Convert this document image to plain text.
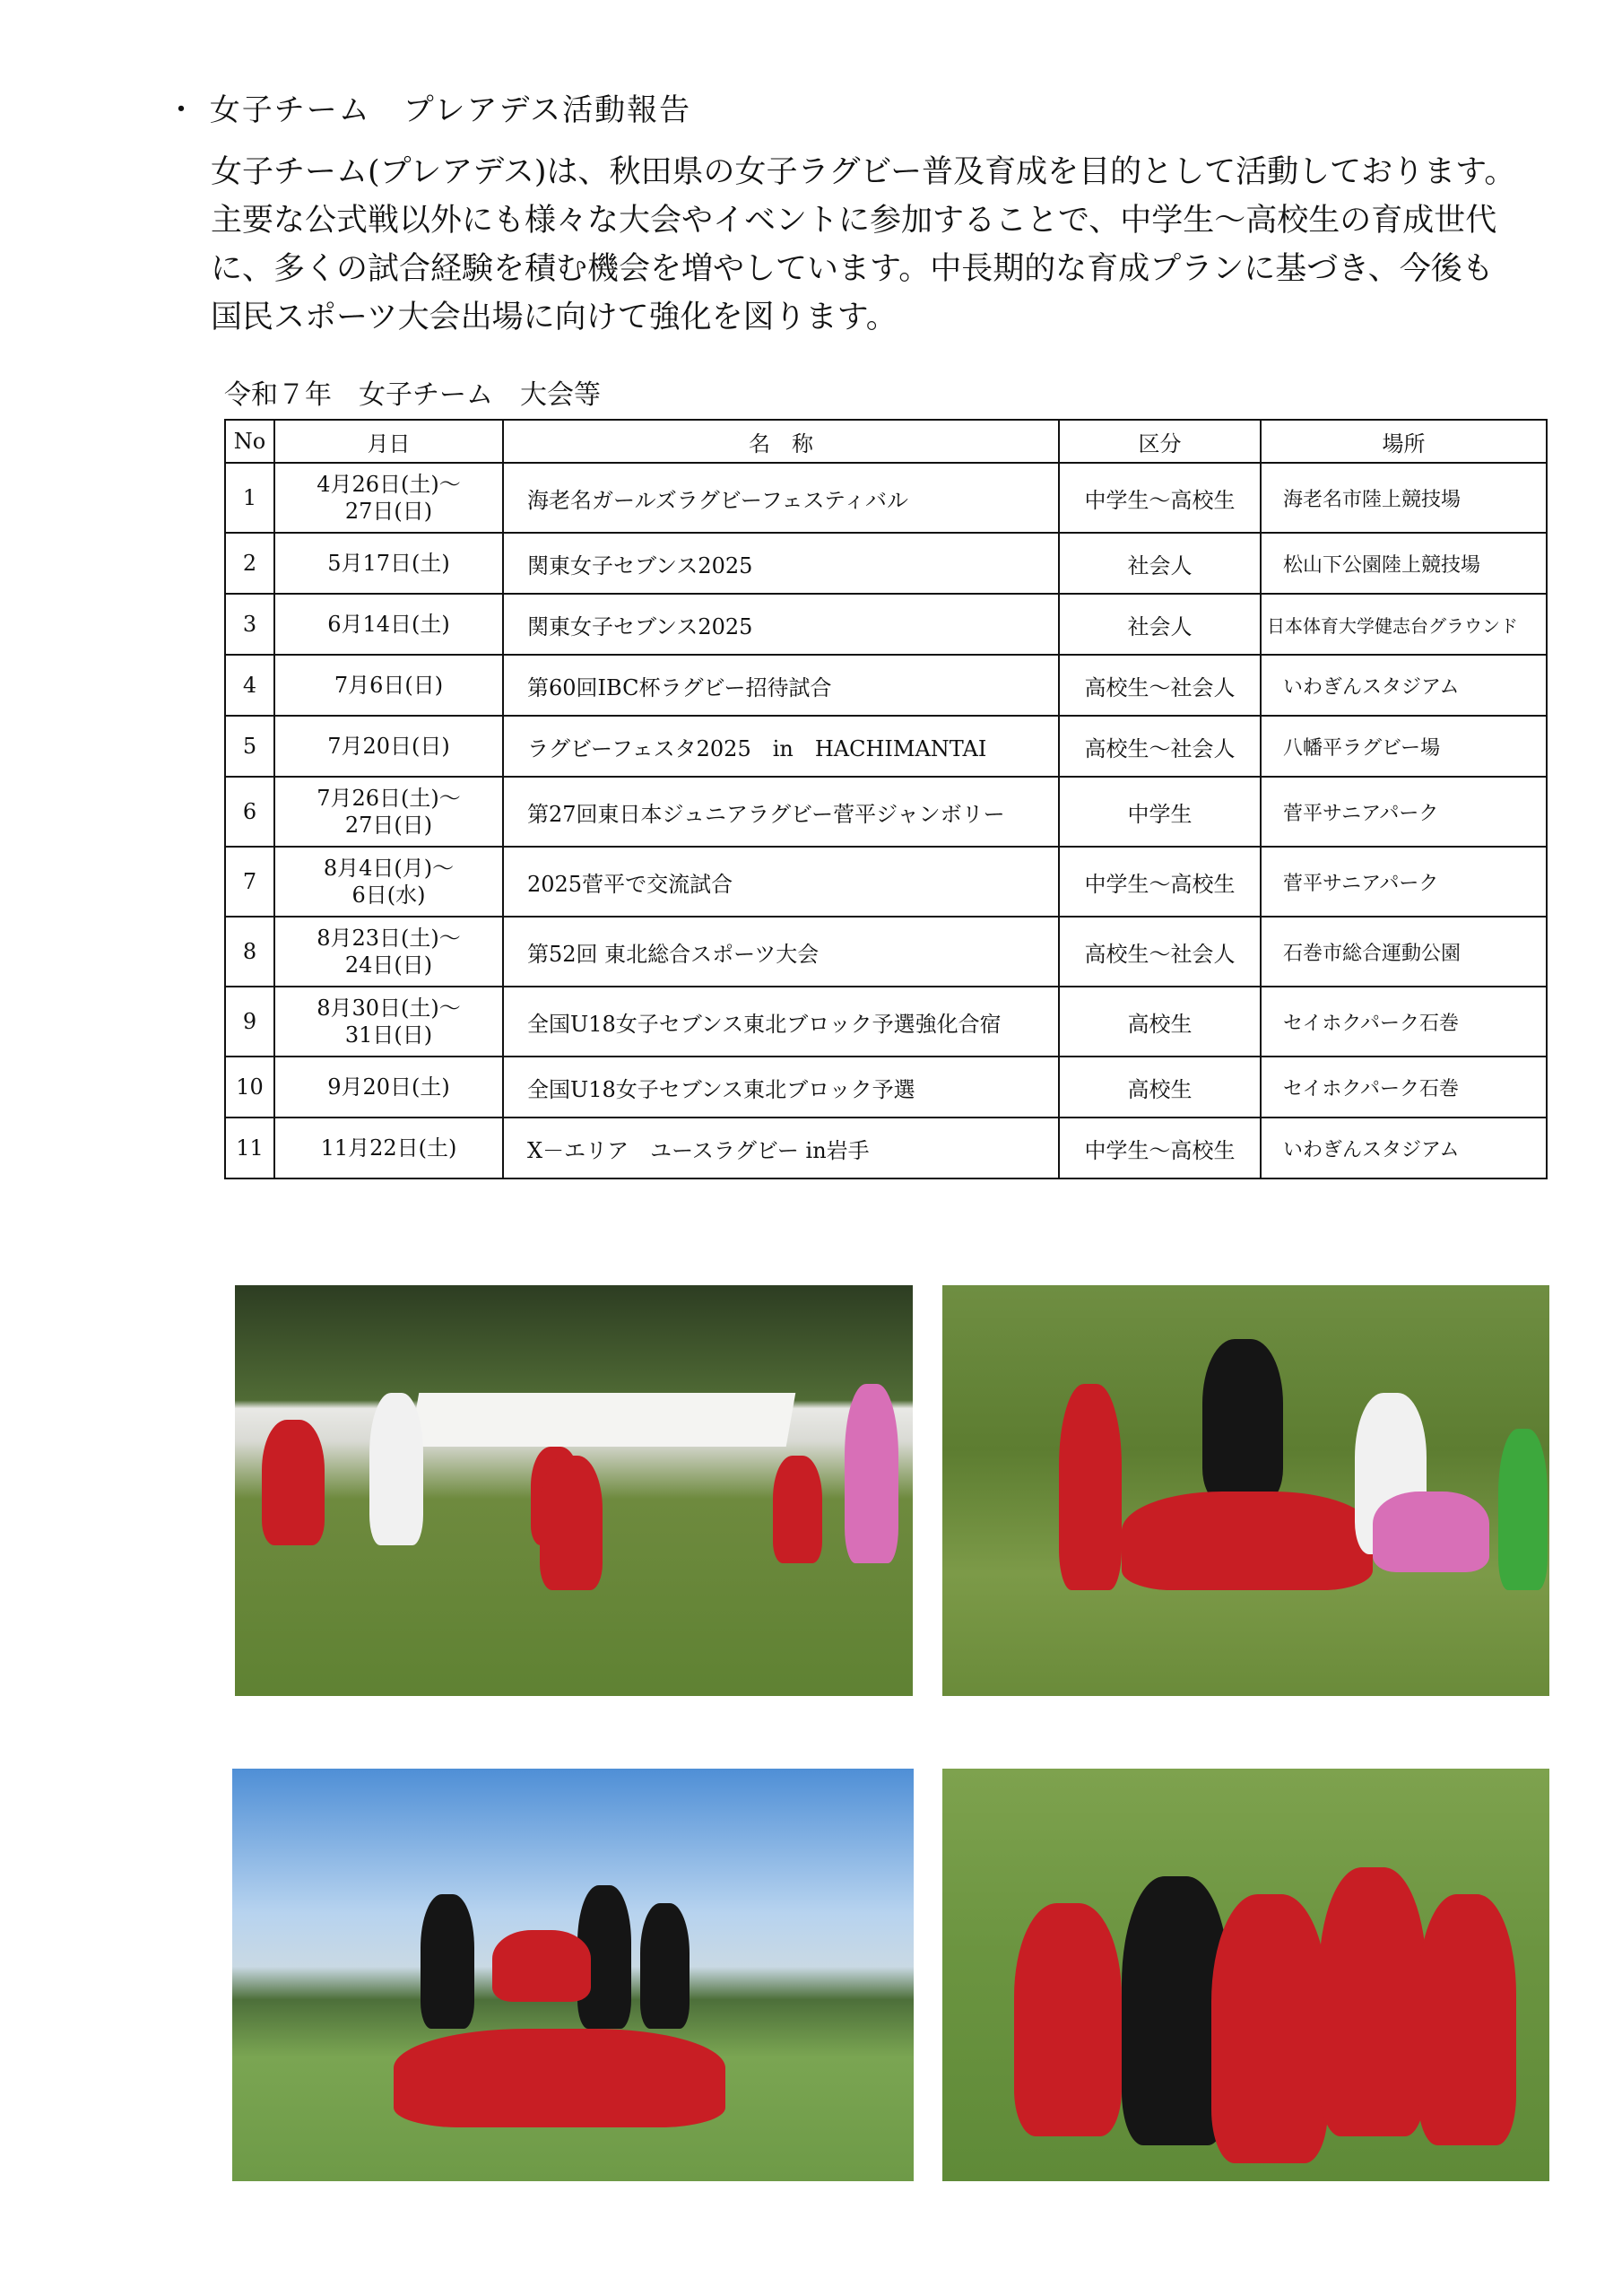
・ 女子チーム　プレアデス活動報告

女子チーム(プレアデス)は、秋田県の女子ラグビー普及育成を目的として活動しております。

主要な公式戦以外にも様々な大会やイベントに参加することで、中学生～高校生の育成世代

に、多くの試合経験を積む機会を増やしています。中長期的な育成プランに基づき、今後も

国民スポーツ大会出場に向けて強化を図ります。

令和７年　女子チーム　大会等
No	月日	名　称	区分	場所
1	4月26日(土)～
27日(日)	海老名ガールズラグビーフェスティバル	中学生～高校生	海老名市陸上競技場
2	5月17日(土)	関東女子セブンス2025	社会人	松山下公園陸上競技場
3	6月14日(土)	関東女子セブンス2025	社会人	日本体育大学健志台グラウンド
4	7月6日(日)	第60回IBC杯ラグビー招待試合	高校生～社会人	いわぎんスタジアム
5	7月20日(日)	ラグビーフェスタ2025　in　HACHIMANTAI	高校生～社会人	八幡平ラグビー場
6	7月26日(土)～
27日(日)	第27回東日本ジュニアラグビー菅平ジャンボリー	中学生	菅平サニアパーク
7	8月4日(月)～
6日(水)	2025菅平で交流試合	中学生～高校生	菅平サニアパーク
8	8月23日(土)～
24日(日)	第52回 東北総合スポーツ大会	高校生～社会人	石巻市総合運動公園
9	8月30日(土)～
31日(日)	全国U18女子セブンス東北ブロック予選強化合宿	高校生	セイホクパーク石巻
10	9月20日(土)	全国U18女子セブンス東北ブロック予選	高校生	セイホクパーク石巻
11	11月22日(土)	X－エリア　ユースラグビー in岩手	中学生～高校生	いわぎんスタジアム
